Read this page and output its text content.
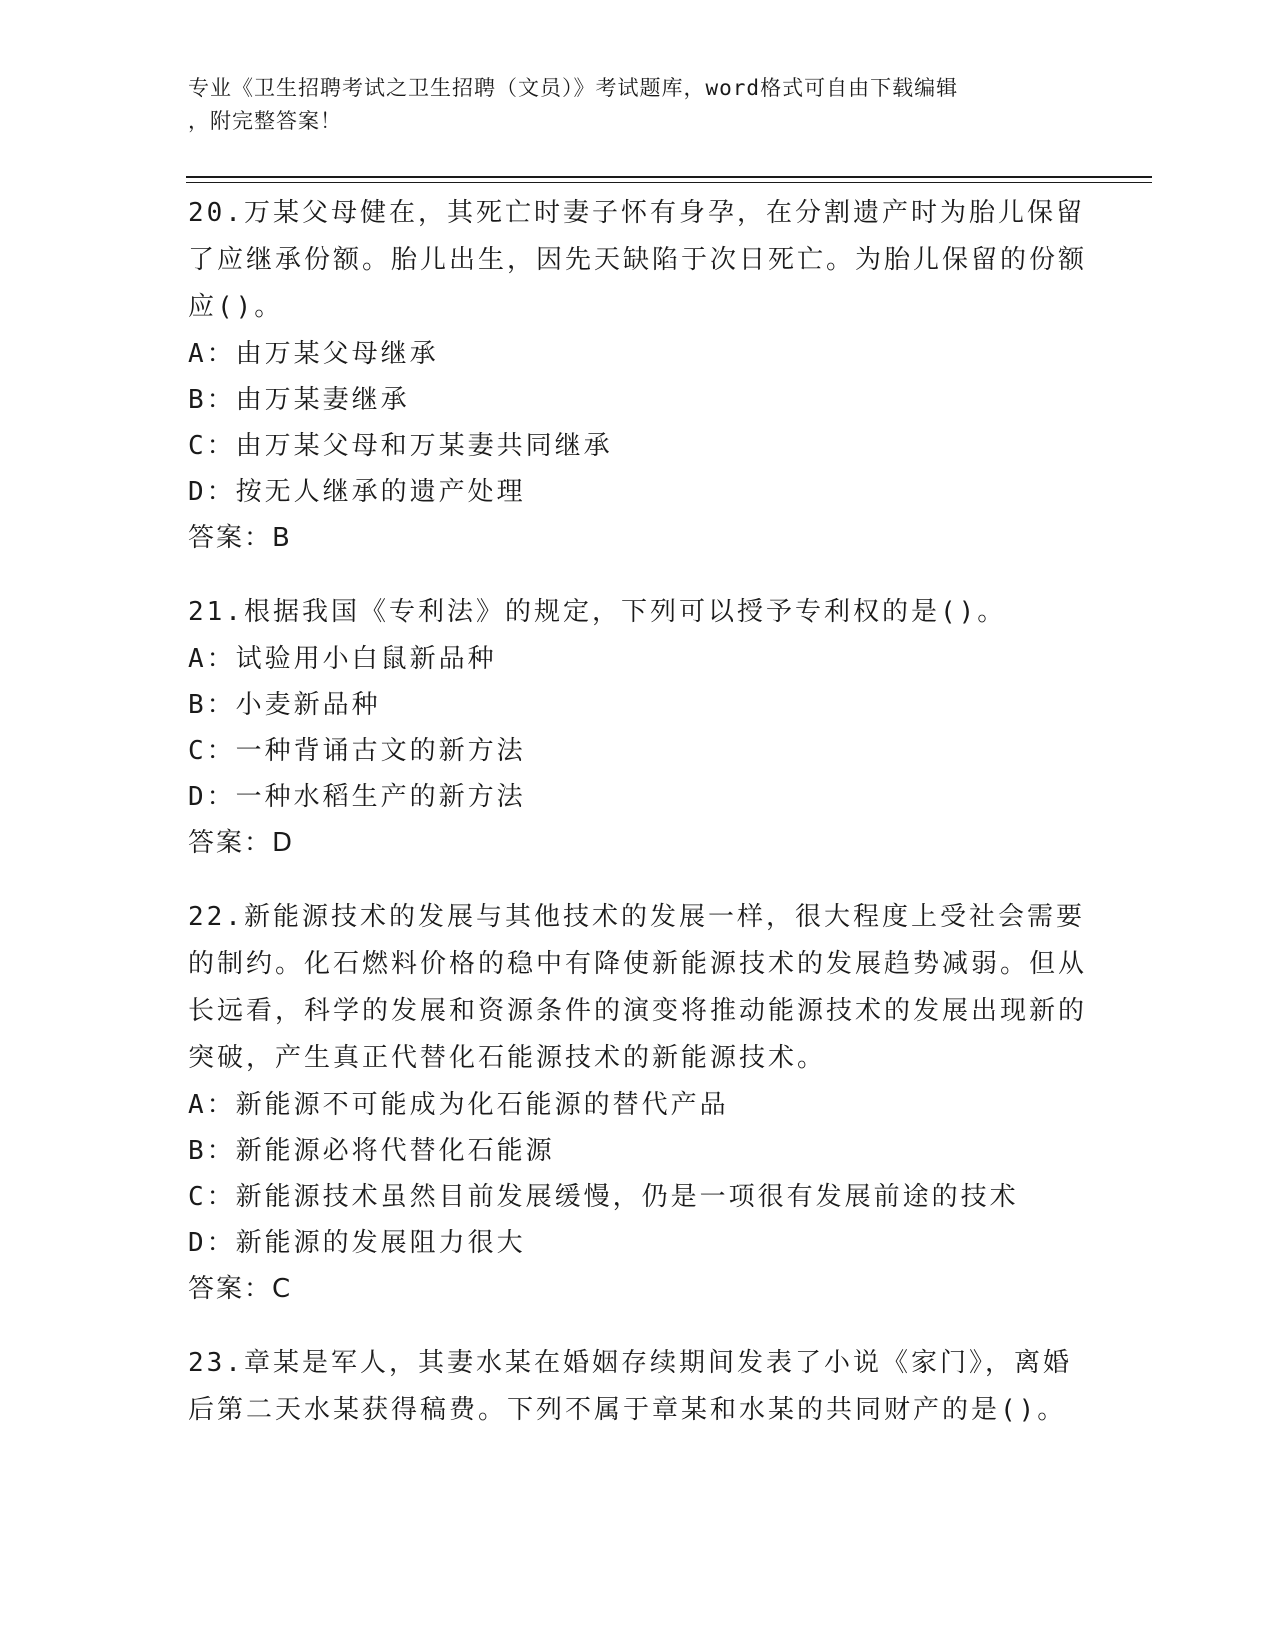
专业《卫生招聘考试之卫生招聘（文员）》考试题库，word格式可自由下载编辑
，附完整答案！

20.万某父母健在，其死亡时妻子怀有身孕，在分割遗产时为胎儿保留了应继承份额。胎儿出生，因先天缺陷于次日死亡。为胎儿保留的份额应()。

A：由万某父母继承

B：由万某妻继承

C：由万某父母和万某妻共同继承

D：按无人继承的遗产处理

答案：B

21.根据我国《专利法》的规定，下列可以授予专利权的是()。

A：试验用小白鼠新品种

B：小麦新品种

C：一种背诵古文的新方法

D：一种水稻生产的新方法

答案：D

22.新能源技术的发展与其他技术的发展一样，很大程度上受社会需要的制约。化石燃料价格的稳中有降使新能源技术的发展趋势减弱。但从长远看，科学的发展和资源条件的演变将推动能源技术的发展出现新的突破，产生真正代替化石能源技术的新能源技术。

A：新能源不可能成为化石能源的替代产品

B：新能源必将代替化石能源

C：新能源技术虽然目前发展缓慢，仍是一项很有发展前途的技术

D：新能源的发展阻力很大

答案：C

23.章某是军人，其妻水某在婚姻存续期间发表了小说《家门》，离婚后第二天水某获得稿费。下列不属于章某和水某的共同财产的是()。
